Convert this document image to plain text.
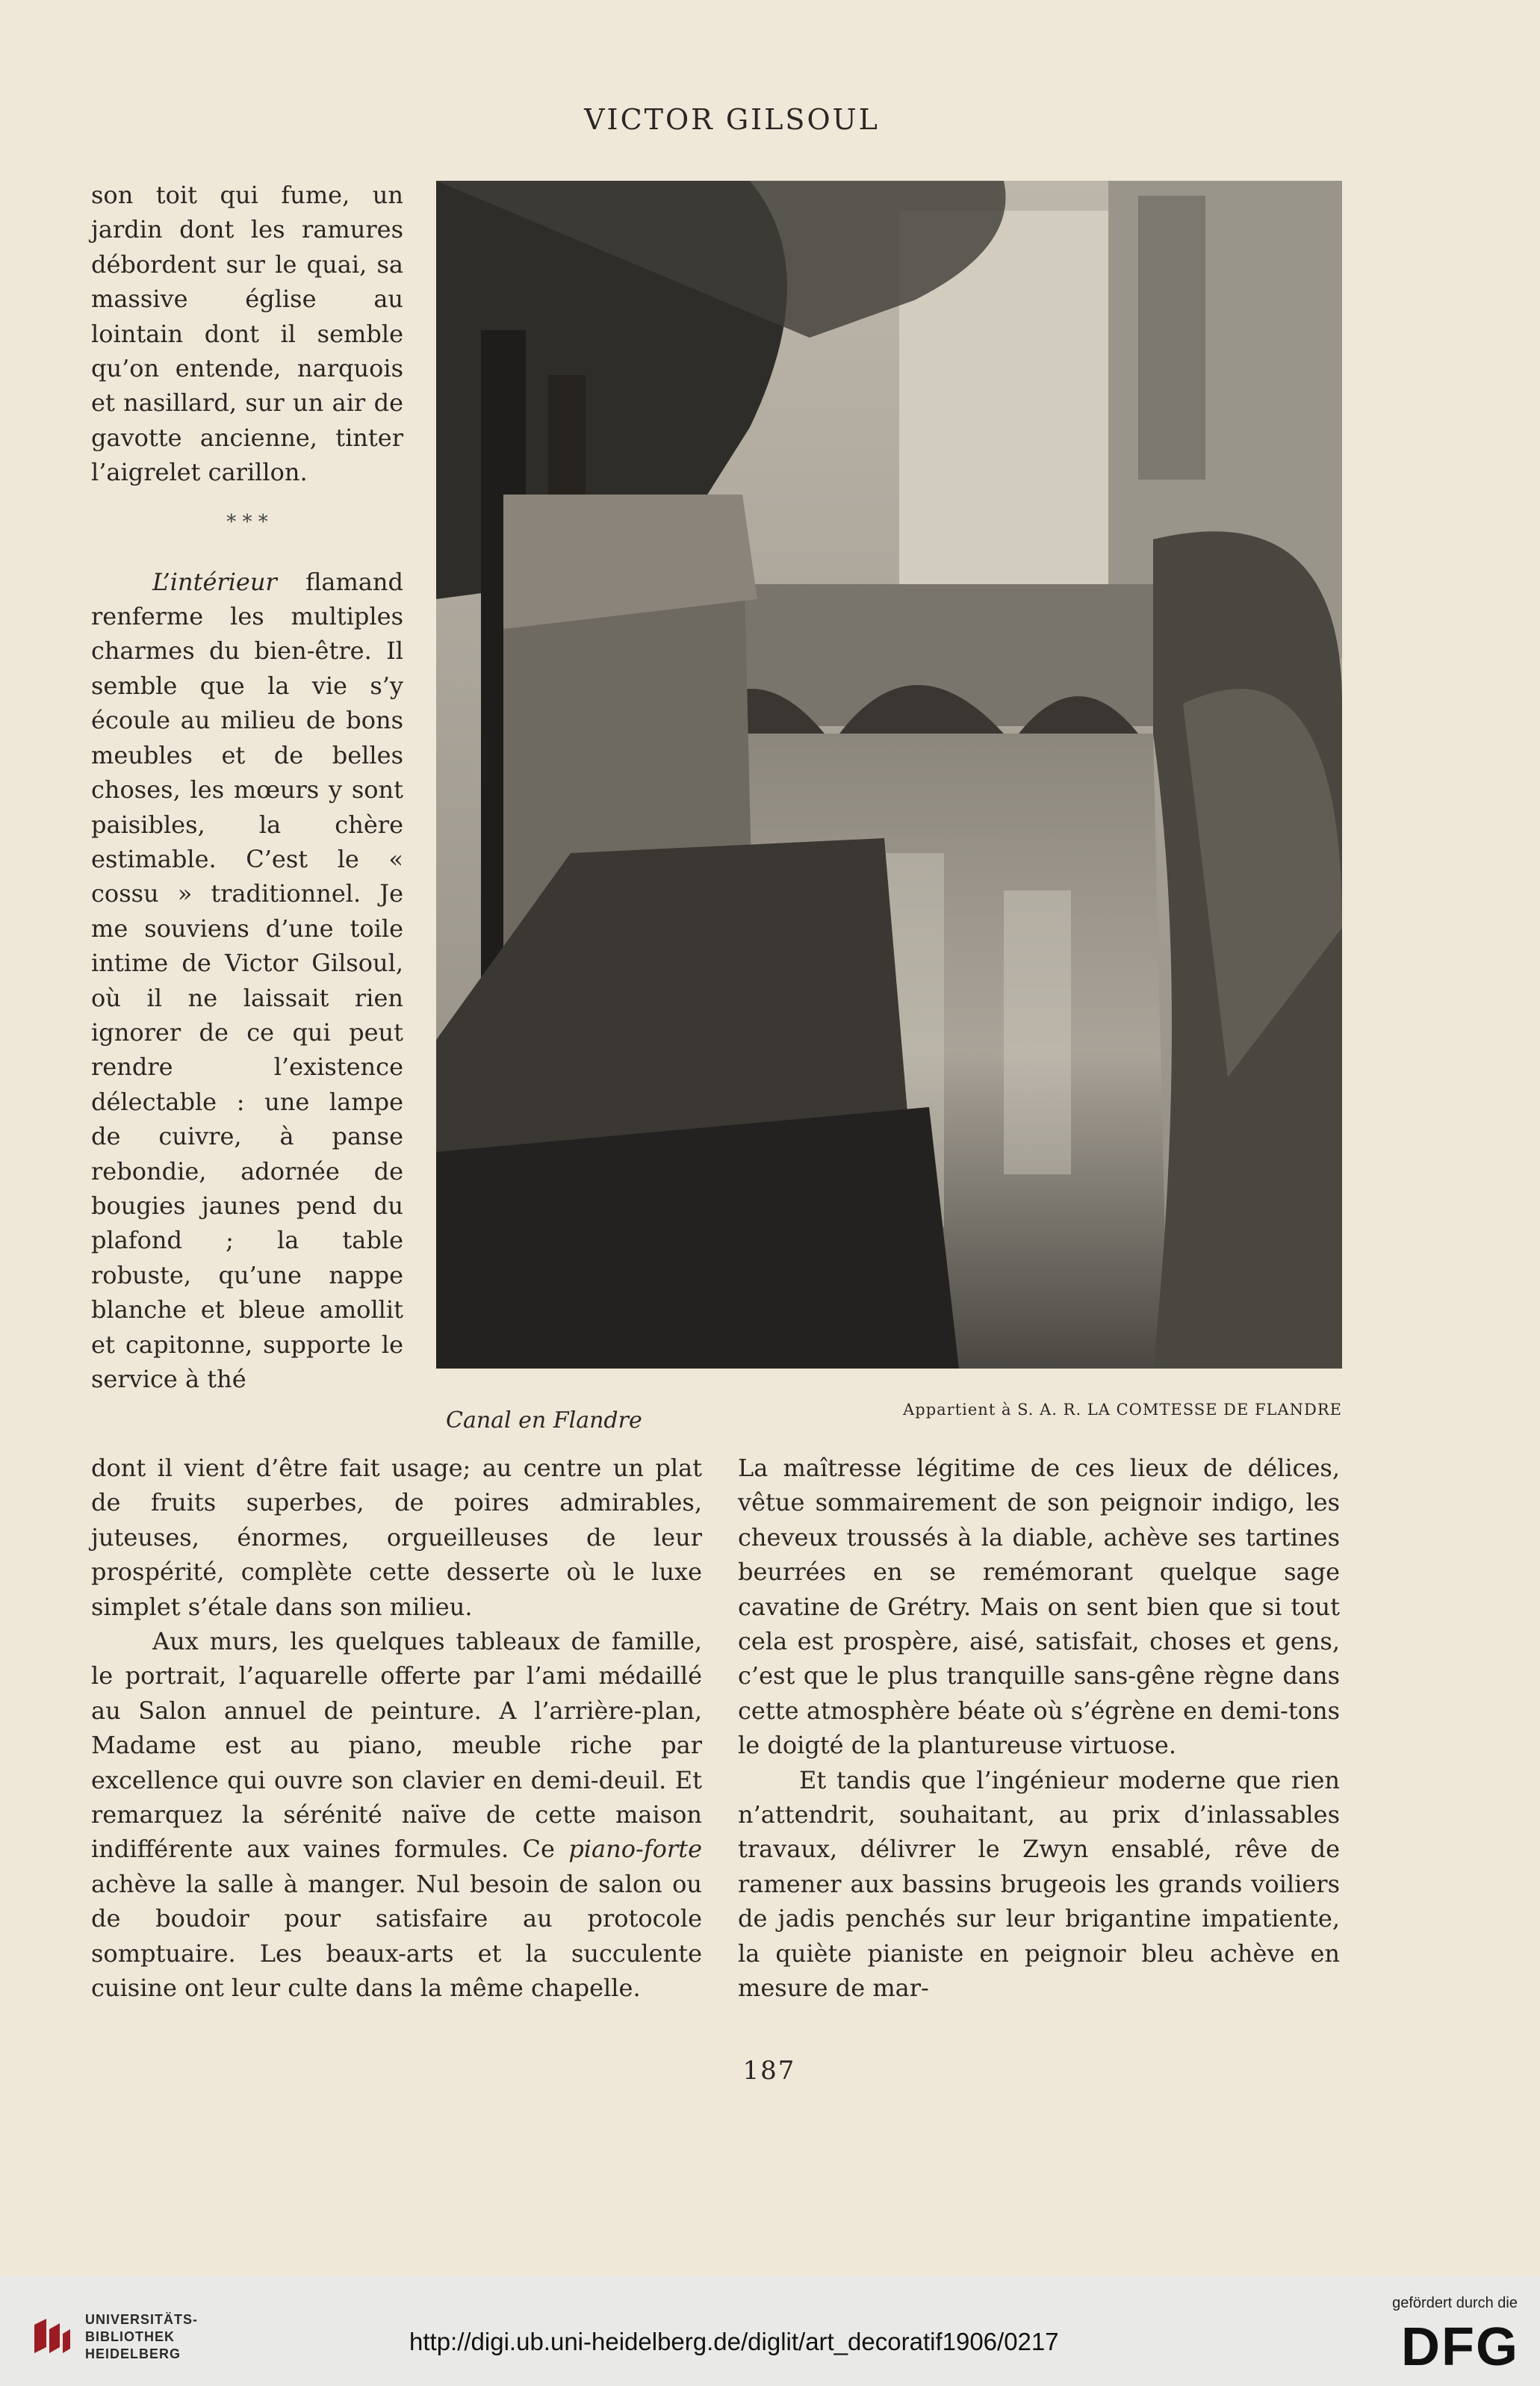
VICTOR GILSOUL

son toit qui fume, un jardin dont les ramures débordent sur le quai, sa massive église au lointain dont il semble qu’on entende, narquois et nasillard, sur un air de gavotte ancienne, tinter l’aigrelet carillon.

* * *

L’intérieur flamand renferme les multiples charmes du bien-être. Il semble que la vie s’y écoule au milieu de bons meubles et de belles choses, les mœurs y sont paisibles, la chère estimable. C’est le « cossu » traditionnel. Je me souviens d’une toile intime de Victor Gilsoul, où il ne laissait rien ignorer de ce qui peut rendre l’existence délectable : une lampe de cuivre, à panse rebondie, adornée de bougies jaunes pend du plafond ; la table robuste, qu’une nappe blanche et bleue amollit et capitonne, supporte le service à thé

Canal en Flandre	Appartient à S. A. R. LA COMTESSE DE FLANDRE

dont il vient d’être fait usage; au centre un plat de fruits superbes, de poires admirables, juteuses, énormes, orgueilleuses de leur prospérité, complète cette desserte où le luxe simplet s’étale dans son milieu.

Aux murs, les quelques tableaux de famille, le portrait, l’aquarelle offerte par l’ami médaillé au Salon annuel de peinture. A l’arrière-plan, Madame est au piano, meuble riche par excellence qui ouvre son clavier en demi-deuil. Et remarquez la sérénité naïve de cette maison indifférente aux vaines formules. Ce piano-forte achève la salle à manger. Nul besoin de salon ou de boudoir pour satisfaire au protocole somptuaire. Les beaux-arts et la succulente cuisine ont leur culte dans la même chapelle.

La maîtresse légitime de ces lieux de délices, vêtue sommairement de son peignoir indigo, les cheveux troussés à la diable, achève ses tartines beurrées en se remémorant quelque sage cavatine de Grétry. Mais on sent bien que si tout cela est prospère, aisé, satisfait, choses et gens, c’est que le plus tranquille sans-gêne règne dans cette atmosphère béate où s’égrène en demi-tons le doigté de la plantureuse virtuose.

Et tandis que l’ingénieur moderne que rien n’attendrit, souhaitant, au prix d’inlassables travaux, délivrer le Zwyn ensablé, rêve de ramener aux bassins brugeois les grands voiliers de jadis penchés sur leur brigantine impatiente, la quiète pianiste en peignoir bleu achève en mesure de mar-

187
UNIVERSITÄTS-
BIBLIOTHEK
HEIDELBERG	http://digi.ub.uni-heidelberg.de/diglit/art_decoratif1906/0217
gefördert durch die
DFG
